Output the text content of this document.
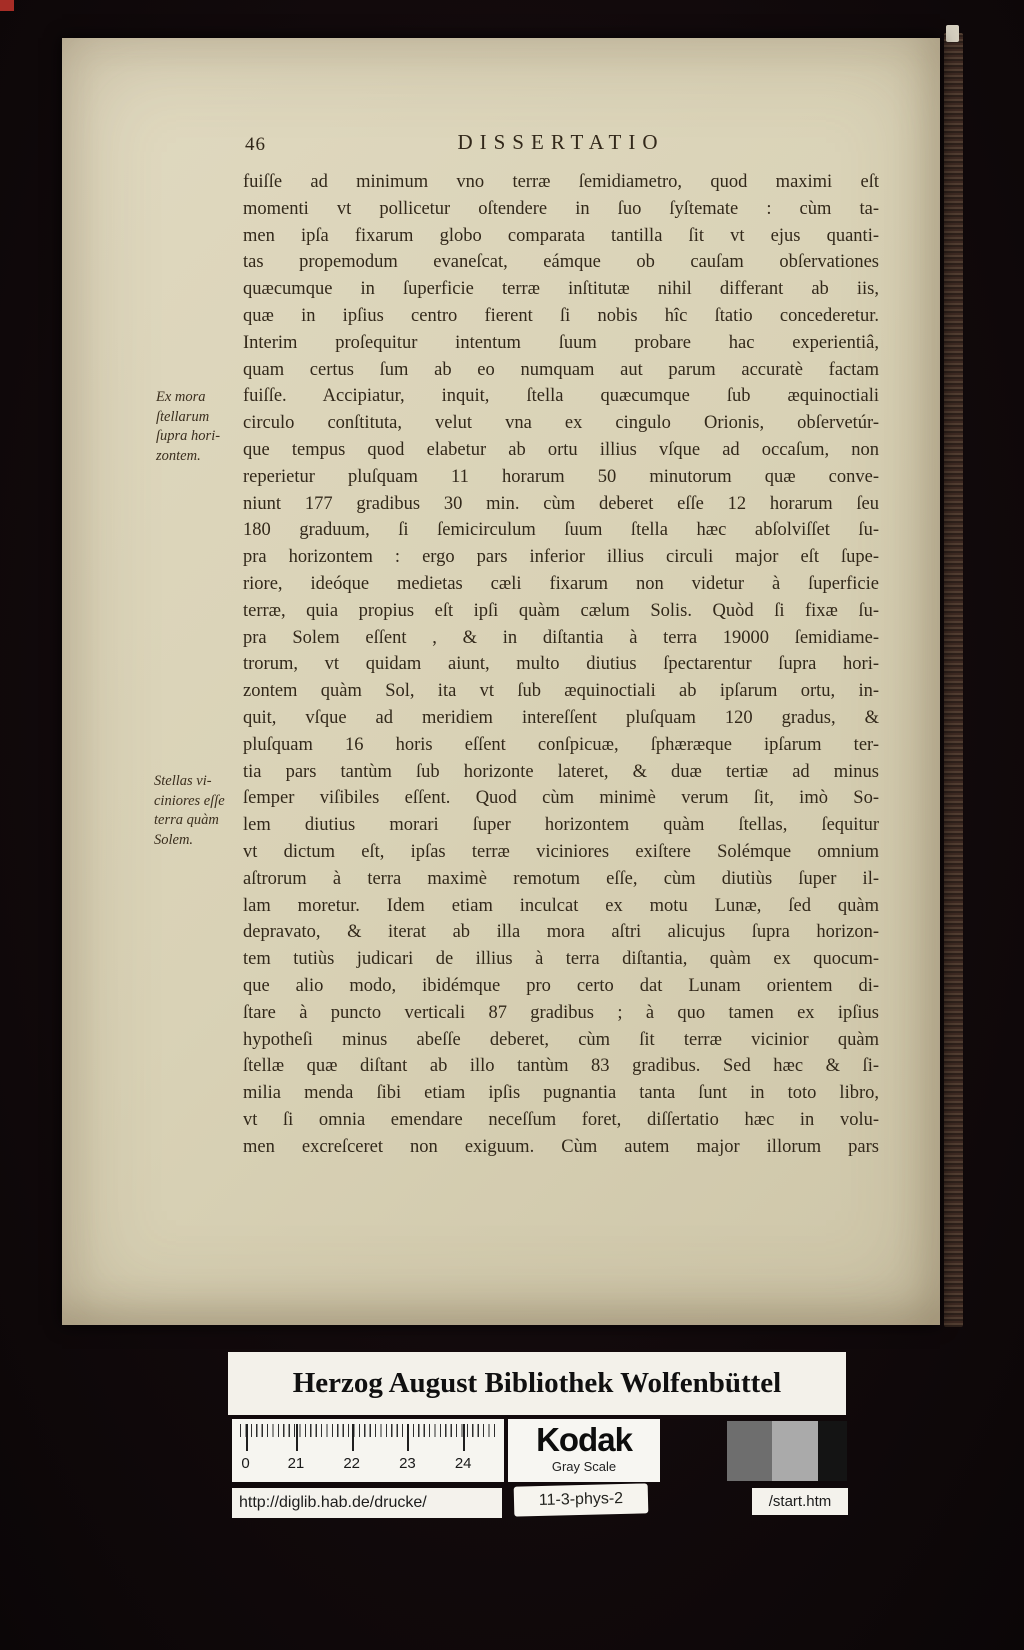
46	DISSERTATIO
Ex mora
ſtellarum
ſupra hori-
zontem.
Stellas vi-
ciniores eſſe
terra quàm
Solem.
fuiſſe ad minimum vno terræ ſemidiametro, quod maximi eſt
momenti vt pollicetur oſtendere in ſuo ſyſtemate : cùm ta-
men ipſa fixarum globo comparata tantilla ſit vt ejus quanti-
tas propemodum evaneſcat, eámque ob cauſam obſervationes
quæcumque in ſuperficie terræ inſtitutæ nihil differant ab iis,
quæ in ipſius centro fierent ſi nobis hîc ſtatio concederetur.
Interim proſequitur intentum ſuum probare hac experientiâ,
quam certus ſum ab eo numquam aut parum accuratè factam
fuiſſe. Accipiatur, inquit, ſtella quæcumque ſub æquinoctiali
circulo conſtituta, velut vna ex cingulo Orionis, obſervetúr-
que tempus quod elabetur ab ortu illius vſque ad occaſum, non
reperietur pluſquam 11 horarum 50 minutorum quæ conve-
niunt 177 gradibus 30 min. cùm deberet eſſe 12 horarum ſeu
180 graduum, ſi ſemicirculum ſuum ſtella hæc abſolviſſet ſu-
pra horizontem : ergo pars inferior illius circuli major eſt ſupe-
riore, ideóque medietas cæli fixarum non videtur à ſuperficie
terræ, quia propius eſt ipſi quàm cælum Solis. Quòd ſi fixæ ſu-
pra Solem eſſent , & in diſtantia à terra 19000 ſemidiame-
trorum, vt quidam aiunt, multo diutius ſpectarentur ſupra hori-
zontem quàm Sol, ita vt ſub æquinoctiali ab ipſarum ortu, in-
quit, vſque ad meridiem intereſſent pluſquam 120 gradus, &
pluſquam 16 horis eſſent conſpicuæ, ſphæræque ipſarum ter-
tia pars tantùm ſub horizonte lateret, & duæ tertiæ ad minus
ſemper viſibiles eſſent. Quod cùm minimè verum ſit, imò So-
lem diutius morari ſuper horizontem quàm ſtellas, ſequitur
vt dictum eſt, ipſas terræ viciniores exiſtere Solémque omnium
aſtrorum à terra maximè remotum eſſe, cùm diutiùs ſuper il-
lam moretur. Idem etiam inculcat ex motu Lunæ, ſed quàm
depravato, & iterat ab illa mora aſtri alicujus ſupra horizon-
tem tutiùs judicari de illius à terra diſtantia, quàm ex quocum-
que alio modo, ibidémque pro certo dat Lunam orientem di-
ſtare à puncto verticali 87 gradibus ; à quo tamen ex ipſius
hypotheſi minus abeſſe deberet, cùm ſit terræ vicinior quàm
ſtellæ quæ diſtant ab illo tantùm 83 gradibus. Sed hæc & ſi-
milia menda ſibi etiam ipſis pugnantia tanta ſunt in toto libro,
vt ſi omnia emendare neceſſum foret, diſſertatio hæc in volu-
men excreſceret non exiguum. Cùm autem major illorum pars
Herzog August Bibliothek Wolfenbüttel
0	21	22	23	24
Kodak
Gray Scale
http://diglib.hab.de/drucke/	11-3-phys-2	/start.htm
